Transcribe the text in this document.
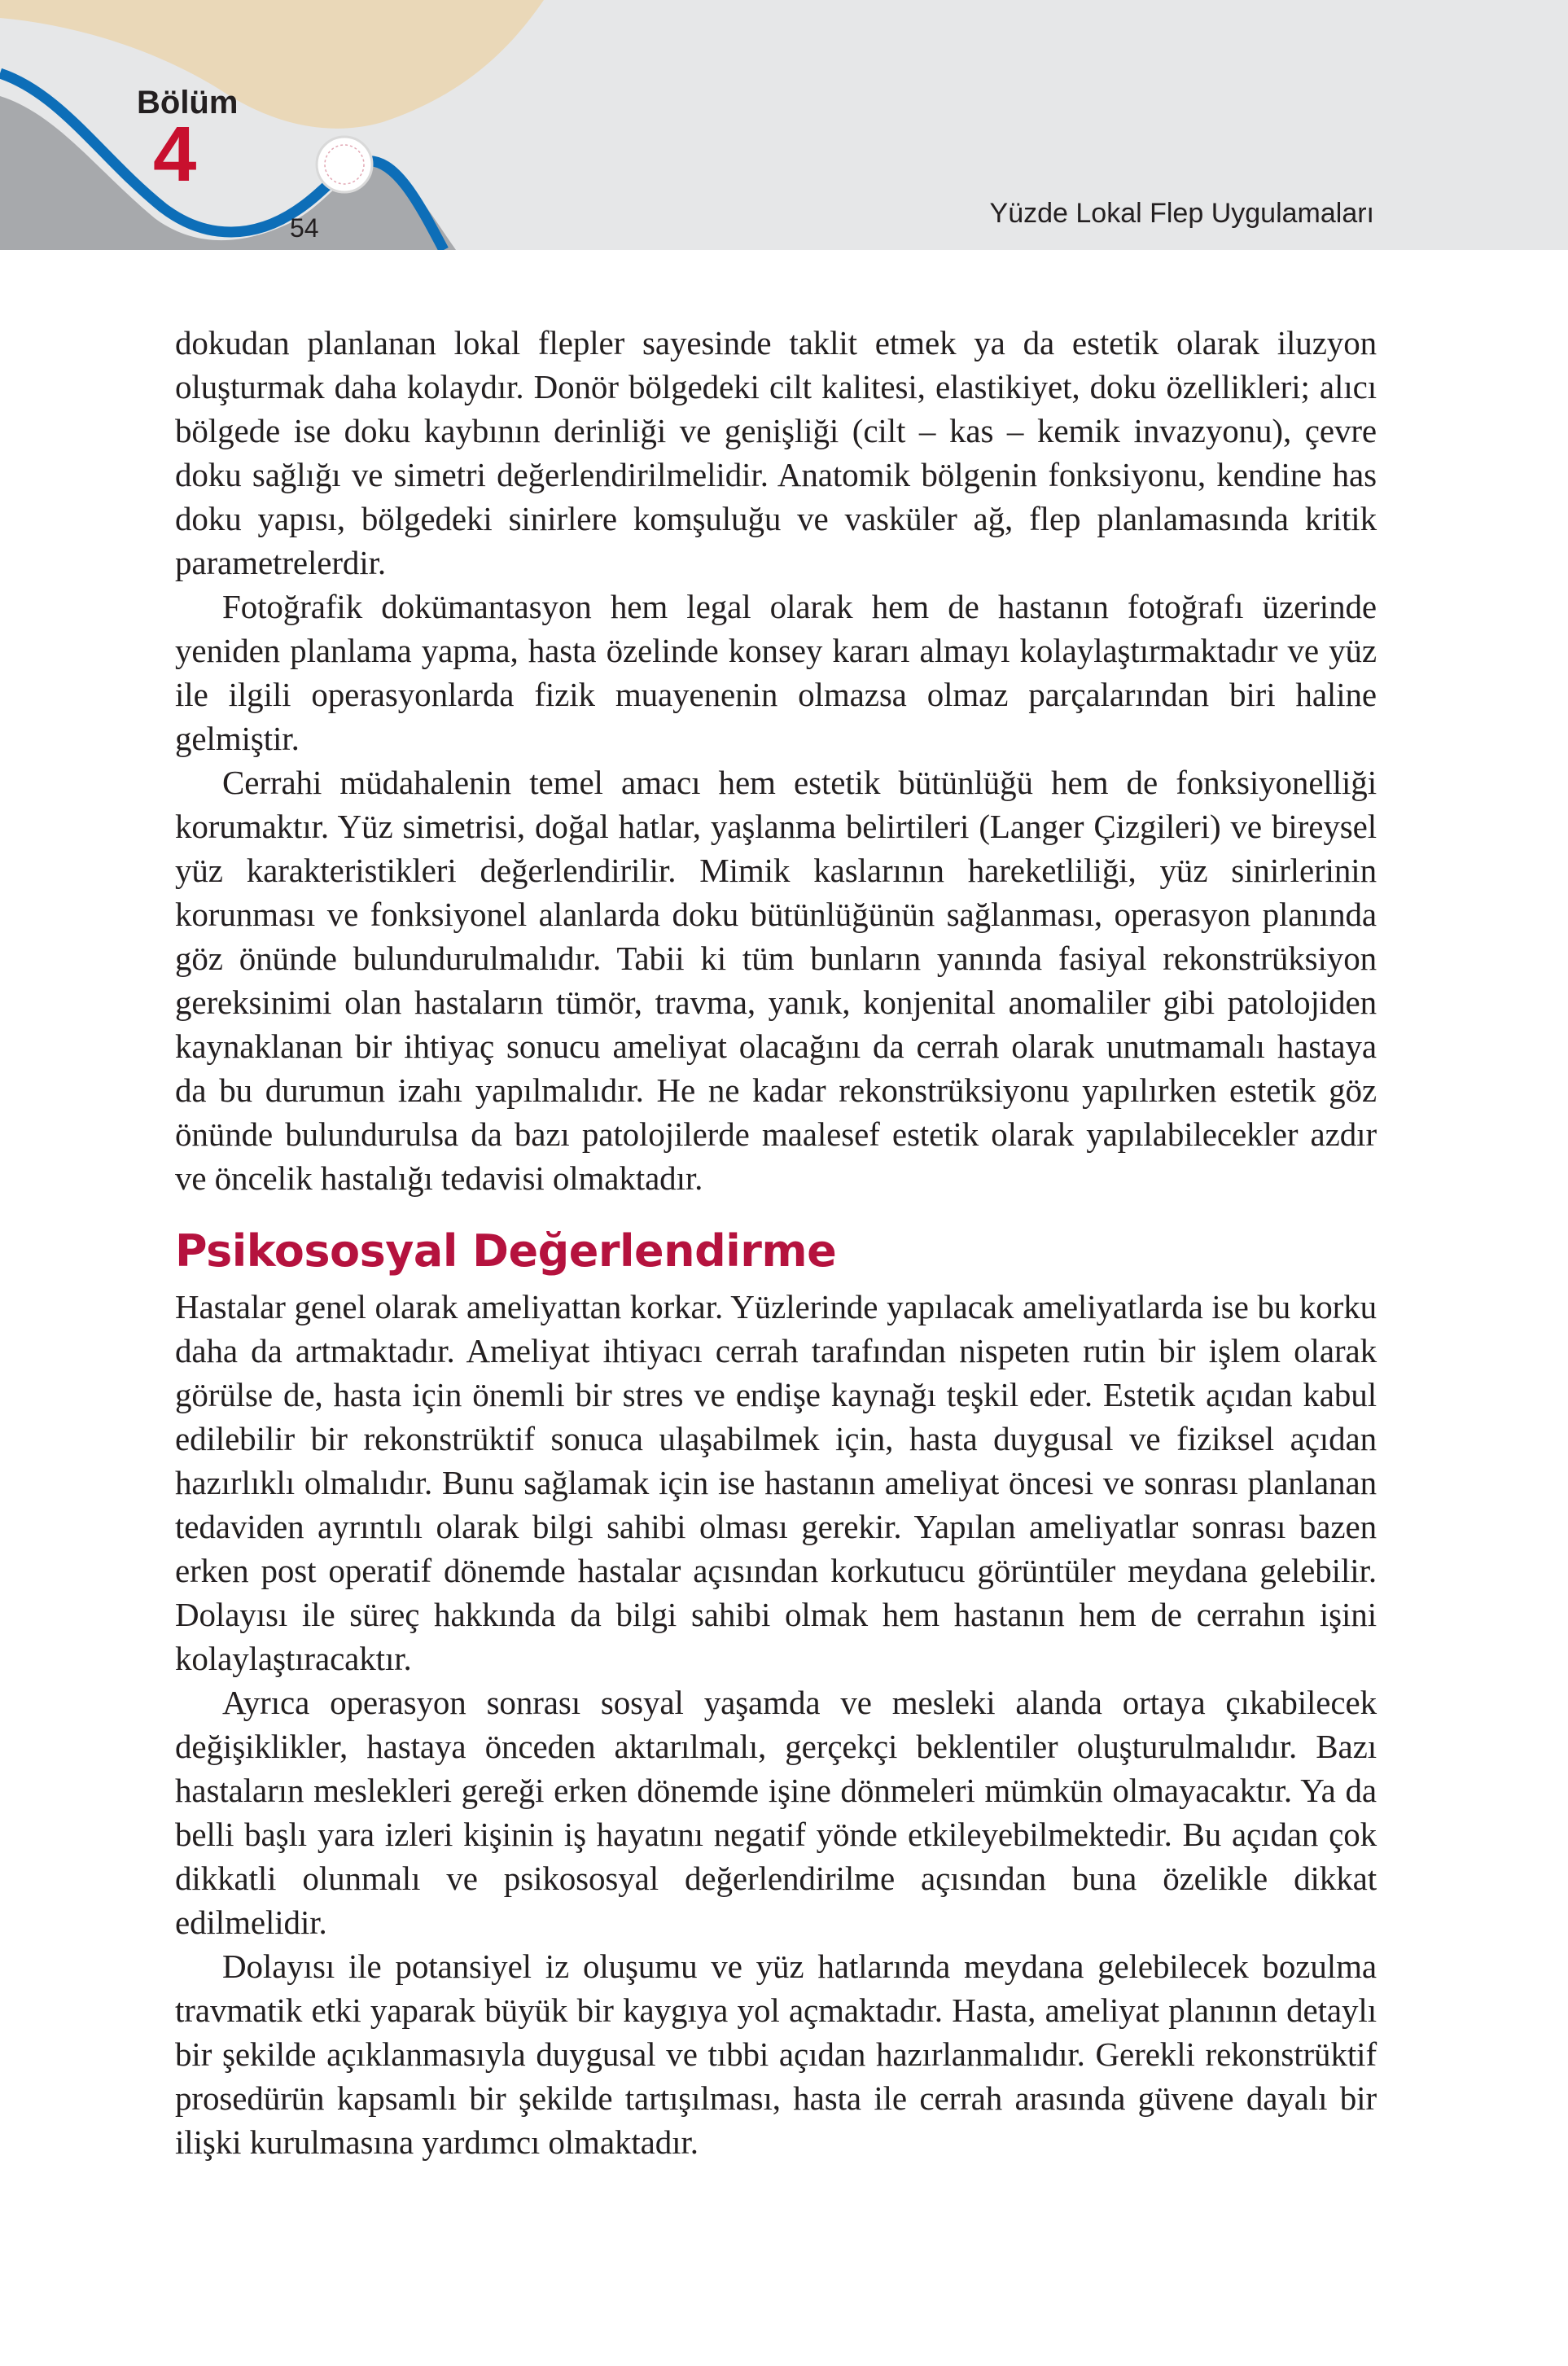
Bölüm
4
54	Yüzde Lokal Flep Uygulamaları

dokudan planlanan lokal flepler sayesinde taklit etmek ya da estetik olarak iluzyon oluşturmak daha kolaydır. Donör bölgedeki cilt kalitesi, elastikiyet, doku özellikleri; alıcı bölgede ise doku kaybının derinliği ve genişliği (cilt – kas – kemik invazyonu), çevre doku sağlığı ve simetri değerlendirilmelidir. Anatomik bölgenin fonksiyonu, kendine has doku yapısı, bölgedeki sinirlere komşuluğu ve vasküler ağ, flep planlamasında kritik parametrelerdir.

Fotoğrafik dokümantasyon hem legal olarak hem de hastanın fotoğrafı üzerinde yeniden planlama yapma, hasta özelinde konsey kararı almayı kolaylaştırmaktadır ve yüz ile ilgili operasyonlarda fizik muayenenin olmazsa olmaz parçalarından biri haline gelmiştir.

Cerrahi müdahalenin temel amacı hem estetik bütünlüğü hem de fonksiyonelliği korumaktır. Yüz simetrisi, doğal hatlar, yaşlanma belirtileri (Langer Çizgileri) ve bireysel yüz karakteristikleri değerlendirilir. Mimik kaslarının hareketliliği, yüz sinirlerinin korunması ve fonksiyonel alanlarda doku bütünlüğünün sağlanması, operasyon planında göz önünde bulundurulmalıdır. Tabii ki tüm bunların yanında fasiyal rekonstrüksiyon gereksinimi olan hastaların tümör, travma, yanık, konjenital anomaliler gibi patolojiden kaynaklanan bir ihtiyaç sonucu ameliyat olacağını da cerrah olarak unutmamalı hastaya da bu durumun izahı yapılmalıdır. He ne kadar rekonstrüksiyonu yapılırken estetik göz önünde bulundurulsa da bazı patolojilerde maalesef estetik olarak yapılabilecekler azdır ve öncelik hastalığı tedavisi olmaktadır.

Psikososyal Değerlendirme

Hastalar genel olarak ameliyattan korkar. Yüzlerinde yapılacak ameliyatlarda ise bu korku daha da artmaktadır. Ameliyat ihtiyacı cerrah tarafından nispeten rutin bir işlem olarak görülse de, hasta için önemli bir stres ve endişe kaynağı teşkil eder. Estetik açıdan kabul edilebilir bir rekonstrüktif sonuca ulaşabilmek için, hasta duygusal ve fiziksel açıdan hazırlıklı olmalıdır. Bunu sağlamak için ise hastanın ameliyat öncesi ve sonrası planlanan tedaviden ayrıntılı olarak bilgi sahibi olması gerekir. Yapılan ameliyatlar sonrası bazen erken post operatif dönemde hastalar açısından korkutucu görüntüler meydana gelebilir. Dolayısı ile süreç hakkında da bilgi sahibi olmak hem hastanın hem de cerrahın işini kolaylaştıracaktır.

Ayrıca operasyon sonrası sosyal yaşamda ve mesleki alanda ortaya çıkabilecek değişiklikler, hastaya önceden aktarılmalı, gerçekçi beklentiler oluşturulmalıdır. Bazı hastaların meslekleri gereği erken dönemde işine dönmeleri mümkün olmayacaktır. Ya da belli başlı yara izleri kişinin iş hayatını negatif yönde etkileyebilmektedir. Bu açıdan çok dikkatli olunmalı ve psikososyal değerlendirilme açısından buna özelikle dikkat edilmelidir.

Dolayısı ile potansiyel iz oluşumu ve yüz hatlarında meydana gelebilecek bozulma travmatik etki yaparak büyük bir kaygıya yol açmaktadır. Hasta, ameliyat planının detaylı bir şekilde açıklanmasıyla duygusal ve tıbbi açıdan hazırlanmalıdır. Gerekli rekonstrüktif prosedürün kapsamlı bir şekilde tartışılması, hasta ile cerrah arasında güvene dayalı bir ilişki kurulmasına yardımcı olmaktadır.
